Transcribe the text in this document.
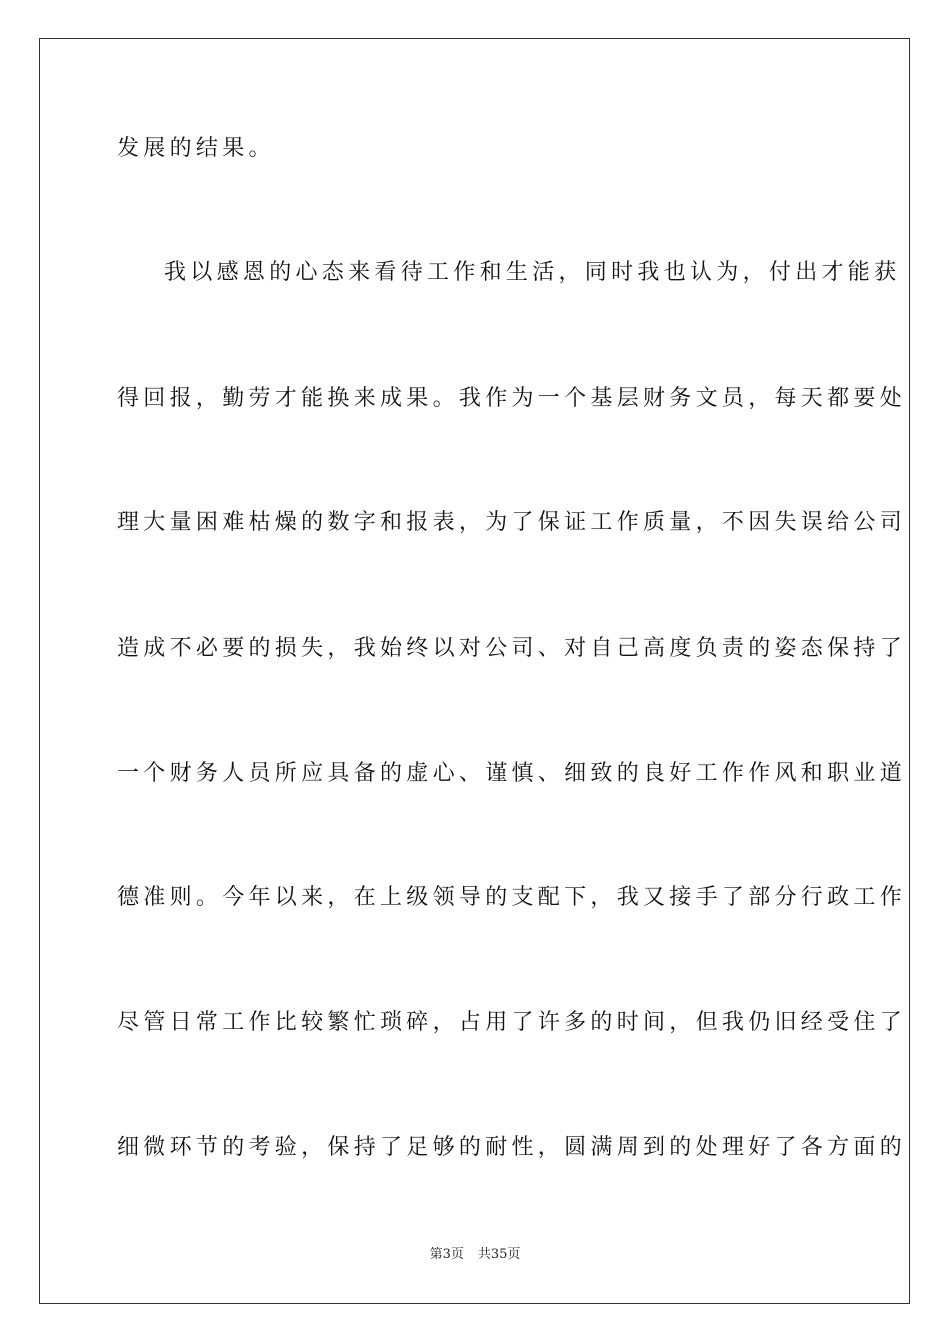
发展的结果。
我以感恩的心态来看待工作和生活，同时我也认为，付出才能获
得回报，勤劳才能换来成果。我作为一个基层财务文员，每天都要处
理大量困难枯燥的数字和报表，为了保证工作质量，不因失误给公司
造成不必要的损失，我始终以对公司、对自己高度负责的姿态保持了
一个财务人员所应具备的虚心、谨慎、细致的良好工作作风和职业道
德准则。今年以来，在上级领导的支配下，我又接手了部分行政工作
尽管日常工作比较繁忙琐碎，占用了许多的时间，但我仍旧经受住了
细微环节的考验，保持了足够的耐性，圆满周到的处理好了各方面的
第3页 共35页
